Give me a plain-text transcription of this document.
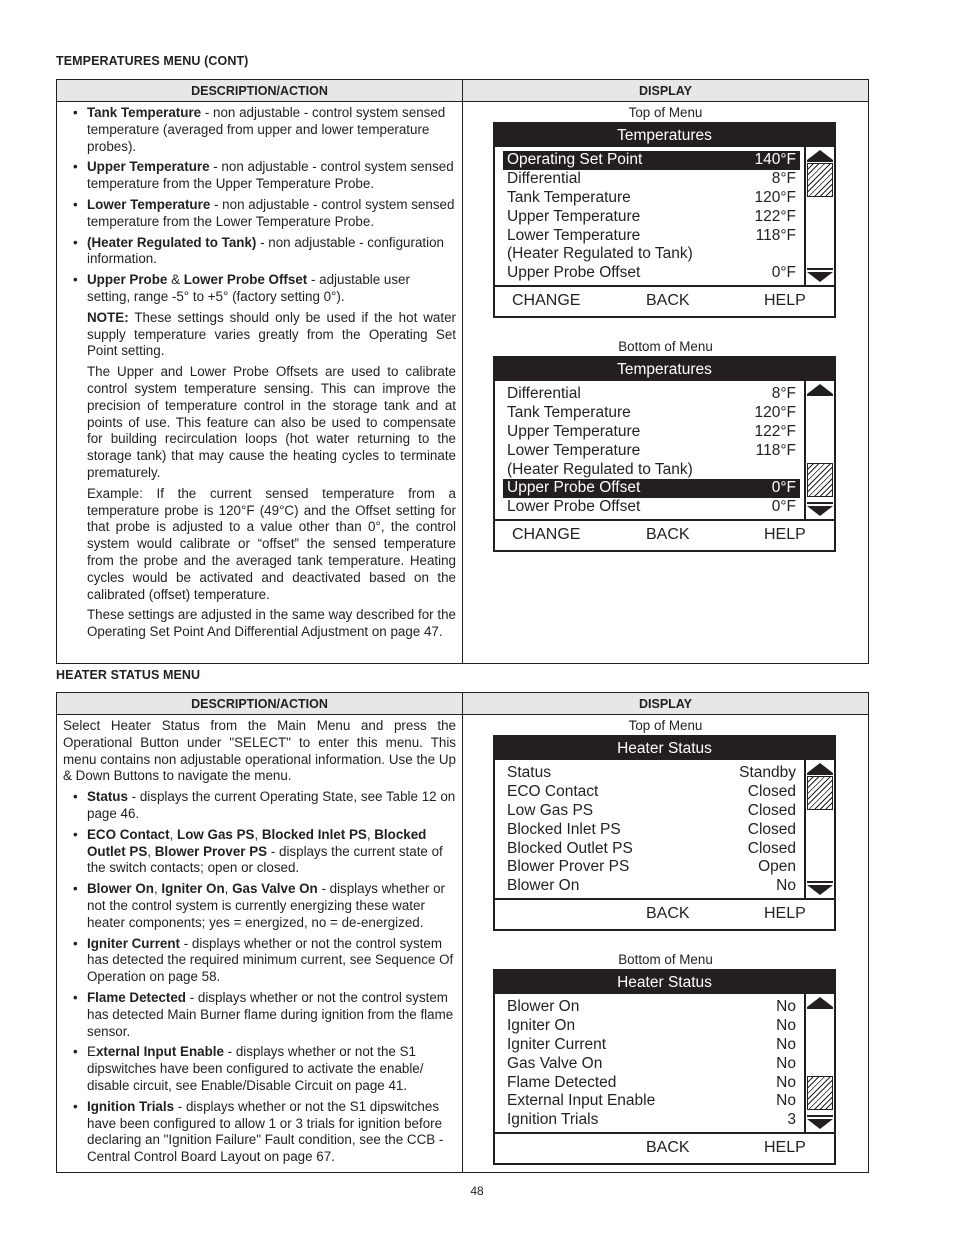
TEMPERATURES MENU (CONT)
DESCRIPTION/ACTION	DISPLAY
• Tank Temperature - non adjustable - control system sensed temperature (averaged from upper and lower temperature probes).
• Upper Temperature - non adjustable - control system sensed temperature from the Upper Temperature Probe.
• Lower Temperature - non adjustable - control system sensed temperature from the Lower Temperature Probe.
• (Heater Regulated to Tank) - non adjustable - configuration information.
• Upper Probe & Lower Probe Offset - adjustable user setting, range -5° to +5° (factory setting 0°).

NOTE: These settings should only be used if the hot water supply temperature varies greatly from the Operating Set Point setting.

The Upper and Lower Probe Offsets are used to calibrate control system temperature sensing. This can improve the precision of temperature control in the storage tank and at points of use. This feature can also be used to compensate for building recirculation loops (hot water returning to the storage tank) that may cause the heating cycles to terminate prematurely.

Example: If the current sensed temperature from a temperature probe is 120°F (49°C) and the Offset setting for that probe is adjusted to a value other than 0°, the control system would calibrate or “offset” the sensed temperature from the probe and the averaged tank temperature. Heating cycles would be activated and deactivated based on the calibrated (offset) temperature.

These settings are adjusted in the same way described for the Operating Set Point And Differential Adjustment on page 47.

Top of Menu
Temperatures
Operating Set Point	140°F
Differential	8°F
Tank Temperature	120°F
Upper Temperature	122°F
Lower Temperature	118°F
(Heater Regulated to Tank)
Upper Probe Offset	0°F
CHANGE	BACK	HELP
Bottom of Menu
Temperatures
Differential	8°F
Tank Temperature	120°F
Upper Temperature	122°F
Lower Temperature	118°F
(Heater Regulated to Tank)
Upper Probe Offset	0°F
Lower Probe Offset	0°F
CHANGE	BACK	HELP
HEATER STATUS MENU
DESCRIPTION/ACTION	DISPLAY

Select Heater Status from the Main Menu and press the Operational Button under "SELECT" to enter this menu. This menu contains non adjustable operational information. Use the Up & Down Buttons to navigate the menu.

• Status - displays the current Operating State, see Table 12 on page 46.
• ECO Contact, Low Gas PS, Blocked Inlet PS, Blocked Outlet PS, Blower Prover PS - displays the current state of the switch contacts; open or closed.
• Blower On, Igniter On, Gas Valve On - displays whether or not the control system is currently energizing these water heater components; yes = energized, no = de-energized.
• Igniter Current - displays whether or not the control system has detected the required minimum current, see Sequence Of Operation on page 58.
• Flame Detected - displays whether or not the control system has detected Main Burner flame during ignition from the flame sensor.
• External Input Enable - displays whether or not the S1 dipswitches have been configured to activate the enable/ disable circuit, see Enable/Disable Circuit on page 41.
• Ignition Trials - displays whether or not the S1 dipswitches have been configured to allow 1 or 3 trials for ignition before declaring an "Ignition Failure" Fault condition, see the CCB - Central Control Board Layout on page 67.
Top of Menu
Heater Status
Status	Standby
ECO Contact	Closed
Low Gas PS	Closed
Blocked Inlet PS	Closed
Blocked Outlet PS	Closed
Blower Prover PS	Open
Blower On	No
BACK	HELP
Bottom of Menu
Heater Status
Blower On	No
Igniter On	No
Igniter Current	No
Gas Valve On	No
Flame Detected	No
External Input Enable	No
Ignition Trials	3
BACK	HELP
48
